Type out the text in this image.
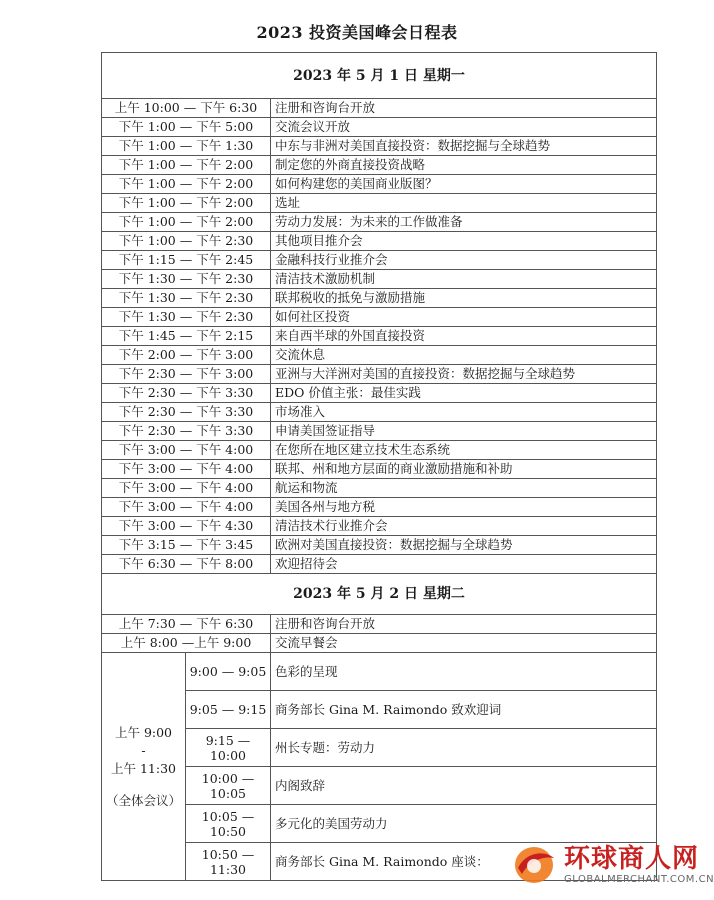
2023 投资美国峰会日程表
2023 年 5 月 1 日 星期一		
上午 10:00 — 下午 6:30		注册和咨询台开放
下午 1:00 — 下午 5:00		交流会议开放
下午 1:00 — 下午 1:30		中东与非洲对美国直接投资：数据挖掘与全球趋势
下午 1:00 — 下午 2:00		制定您的外商直接投资战略
下午 1:00 — 下午 2:00		如何构建您的美国商业版图？
下午 1:00 — 下午 2:00		选址
下午 1:00 — 下午 2:00		劳动力发展：为未来的工作做准备
下午 1:00 — 下午 2:30		其他项目推介会
下午 1:15 — 下午 2:45		金融科技行业推介会
下午 1:30 — 下午 2:30		清洁技术激励机制
下午 1:30 — 下午 2:30		联邦税收的抵免与激励措施
下午 1:30 — 下午 2:30		如何社区投资
下午 1:45 — 下午 2:15		来自西半球的外国直接投资
下午 2:00 — 下午 3:00		交流休息
下午 2:30 — 下午 3:00		亚洲与大洋洲对美国的直接投资：数据挖掘与全球趋势
下午 2:30 — 下午 3:30		EDO 价值主张：最佳实践
下午 2:30 — 下午 3:30		市场准入
下午 2:30 — 下午 3:30		申请美国签证指导
下午 3:00 — 下午 4:00		在您所在地区建立技术生态系统
下午 3:00 — 下午 4:00		联邦、州和地方层面的商业激励措施和补助
下午 3:00 — 下午 4:00		航运和物流
下午 3:00 — 下午 4:00		美国各州与地方税
下午 3:00 — 下午 4:30		清洁技术行业推介会
下午 3:15 — 下午 3:45		欧洲对美国直接投资：数据挖掘与全球趋势
下午 6:30 — 下午 8:00		欢迎招待会
2023 年 5 月 2 日 星期二		
上午 7:30 — 下午 6:30		注册和咨询台开放
上午 8:00 —上午 9:00		交流早餐会

上午 9:00
-
上午 11:30
（全体会议）	9:00 — 9:05	色彩的呈现
	9:05 — 9:15	商务部长 Gina M. Raimondo 致欢迎词
	9:15 — 10:00	州长专题：劳动力
	10:00 — 10:05	内阁致辞
	10:05 — 10:50	多元化的美国劳动力
	10:50 — 11:30	商务部长 Gina M. Raimondo 座谈：	环球商人网
GLOBALMERCHANT.COM.CN
